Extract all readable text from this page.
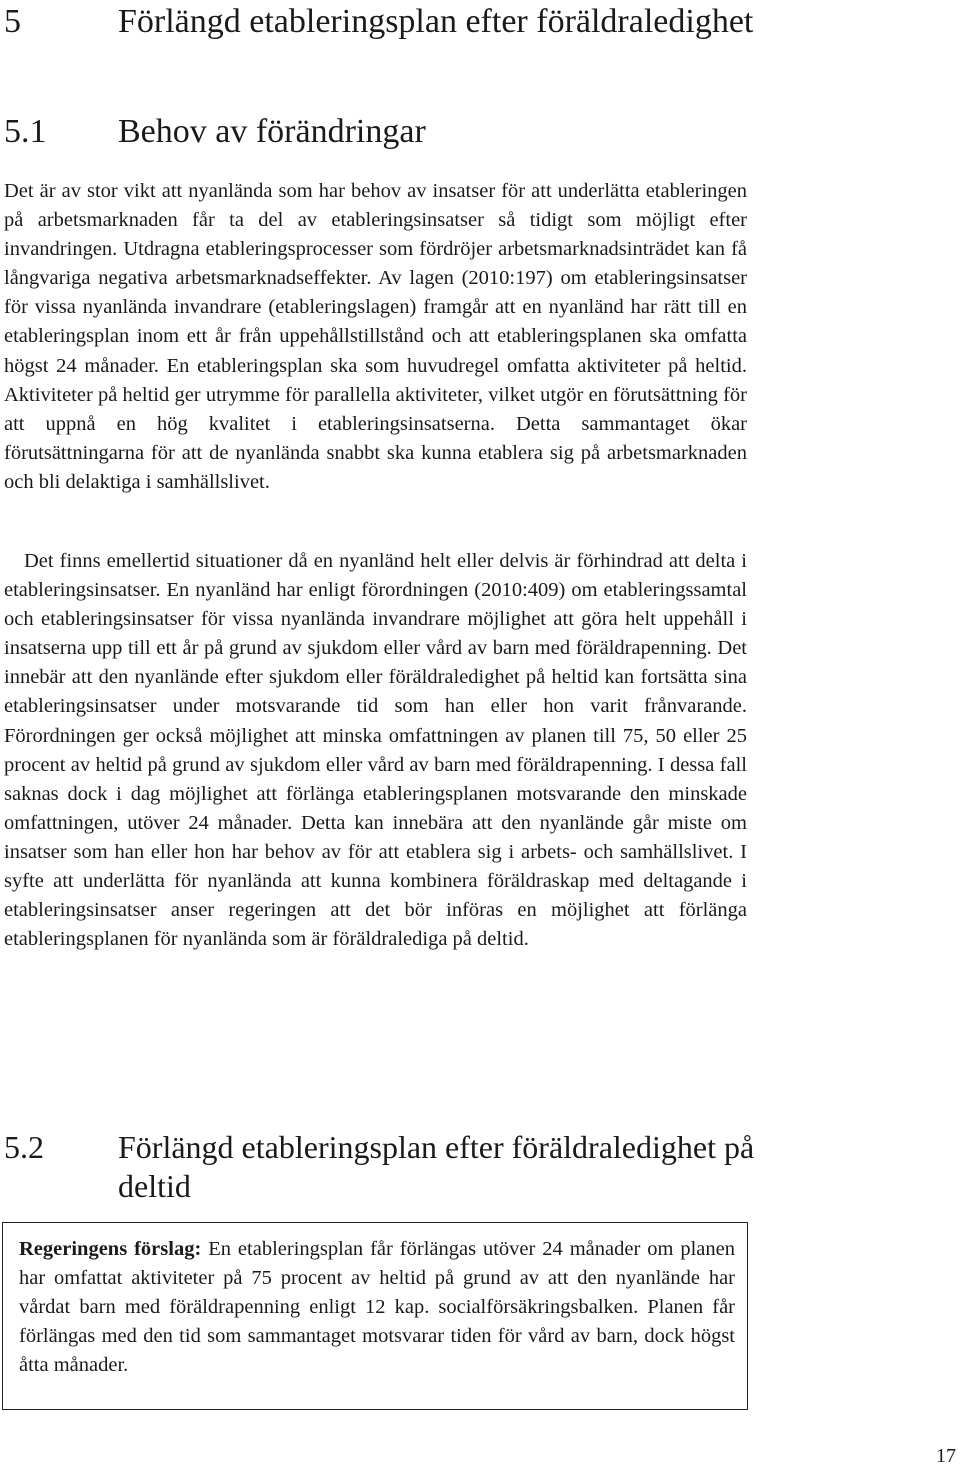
5	Förlängd etableringsplan efter föräldraledighet
5.1 Behov av förändringar

Det är av stor vikt att nyanlända som har behov av insatser för att underlätta etableringen på arbetsmarknaden får ta del av etableringsinsatser så tidigt som möjligt efter invandringen. Utdragna etableringsprocesser som fördröjer arbetsmarknadsinträdet kan få långvariga negativa arbetsmarknadseffekter. Av lagen (2010:197) om etableringsinsatser för vissa nyanlända invandrare (etableringslagen) framgår att en nyanländ har rätt till en etableringsplan inom ett år från uppehållstillstånd och att etableringsplanen ska omfatta högst 24 månader. En etableringsplan ska som huvudregel omfatta aktiviteter på heltid. Aktiviteter på heltid ger utrymme för parallella aktiviteter, vilket utgör en förutsättning för att uppnå en hög kvalitet i etableringsinsatserna. Detta sammantaget ökar förutsättningarna för att de nyanlända snabbt ska kunna etablera sig på arbetsmarknaden och bli delaktiga i samhällslivet.

Det finns emellertid situationer då en nyanländ helt eller delvis är förhindrad att delta i etableringsinsatser. En nyanländ har enligt förordningen (2010:409) om etableringssamtal och etableringsinsatser för vissa nyanlända invandrare möjlighet att göra helt uppehåll i insatserna upp till ett år på grund av sjukdom eller vård av barn med föräldrapenning. Det innebär att den nyanlände efter sjukdom eller föräldraledighet på heltid kan fortsätta sina etableringsinsatser under motsvarande tid som han eller hon varit frånvarande. Förordningen ger också möjlighet att minska omfattningen av planen till 75, 50 eller 25 procent av heltid på grund av sjukdom eller vård av barn med föräldrapenning. I dessa fall saknas dock i dag möjlighet att förlänga etableringsplanen motsvarande den minskade omfattningen, utöver 24 månader. Detta kan innebära att den nyanlände går miste om insatser som han eller hon har behov av för att etablera sig i arbets- och samhällslivet. I syfte att underlätta för nyanlända att kunna kombinera föräldraskap med deltagande i etableringsinsatser anser regeringen att det bör införas en möjlighet att förlänga etableringsplanen för nyanlända som är föräldralediga på deltid.

5.2 Förlängd etableringsplan efter föräldraledighet på deltid

Regeringens förslag: En etableringsplan får förlängas utöver 24 månader om planen har omfattat aktiviteter på 75 procent av heltid på grund av att den nyanlände har vårdat barn med föräldrapenning enligt 12 kap. socialförsäkringsbalken. Planen får förlängas med den tid som sammantaget motsvarar tiden för vård av barn, dock högst åtta månader.

17
